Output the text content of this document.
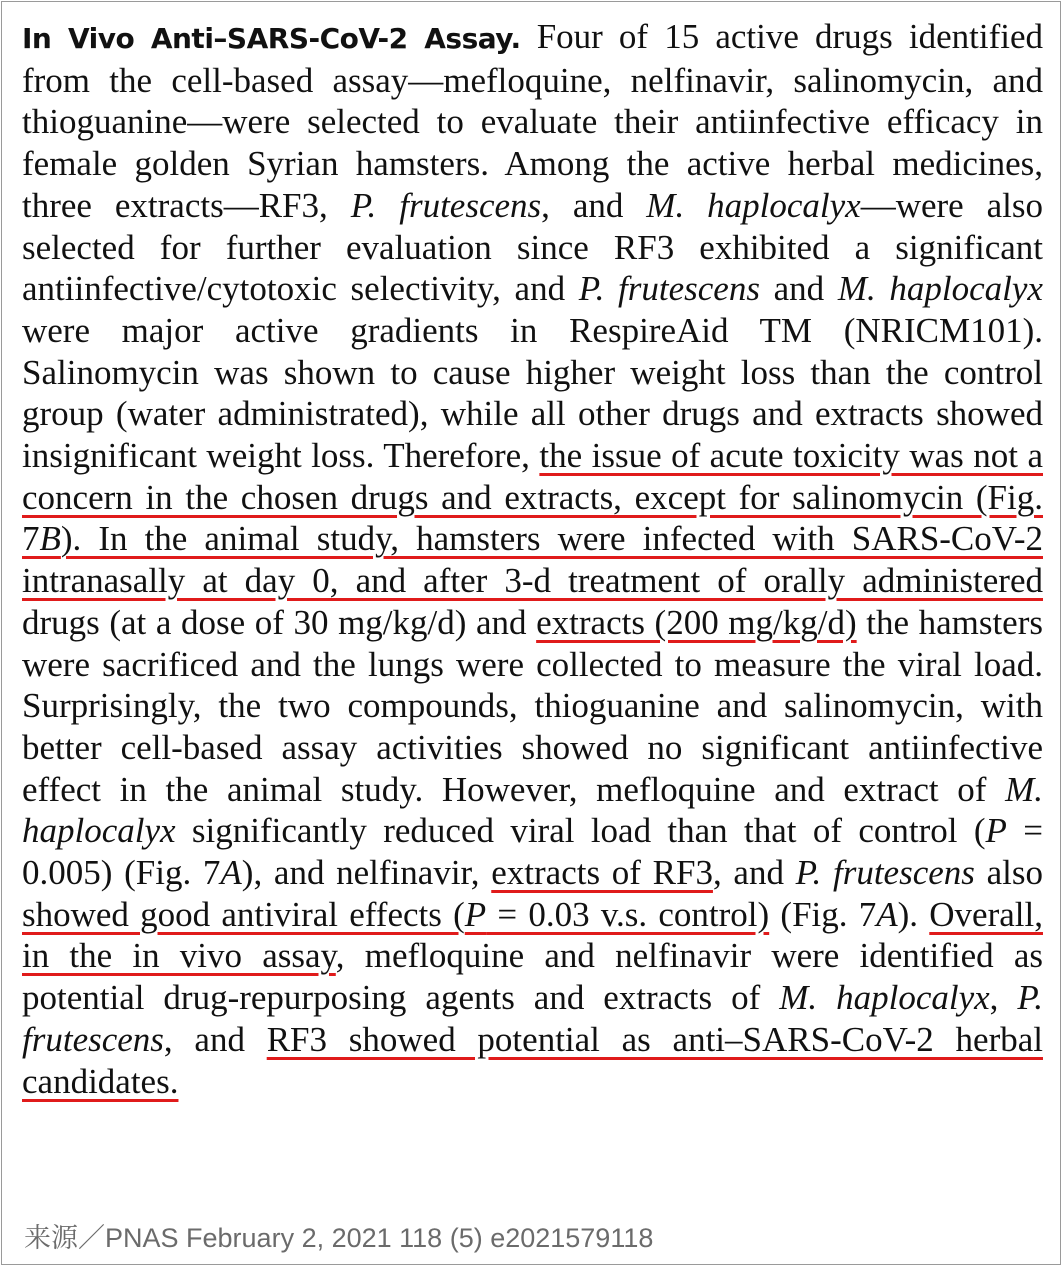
In Vivo Anti–SARS-CoV-2 Assay. Four of 15 active drugs identified from the cell-based assay—mefloquine, nelfinavir, salinomycin, and thioguanine—were selected to evaluate their antiinfective efficacy in female golden Syrian hamsters. Among the active herbal medicines, three extracts—RF3, P. frutescens, and M. haplocalyx—were also selected for further evaluation since RF3 exhibited a significant antiinfective/cytotoxic selectivity, and P. frutescens and M. haplocalyx were major active gradients in RespireAid TM (NRICM101). Salinomycin was shown to cause higher weight loss than the control group (water administrated), while all other drugs and extracts showed insignificant weight loss. Therefore, the issue of acute toxicity was not a concern in the chosen drugs and extracts, except for salinomycin (Fig. 7B). In the animal study, hamsters were infected with SARS-CoV-2 intranasally at day 0, and after 3-d treatment of orally administered drugs (at a dose of 30 mg/kg/d) and extracts (200 mg/kg/d) the hamsters were sacrificed and the lungs were collected to measure the viral load. Surprisingly, the two compounds, thioguanine and salinomycin, with better cell-based assay activities showed no significant antiinfective effect in the animal study. However, mefloquine and extract of M. haplocalyx significantly reduced viral load than that of control (P = 0.005) (Fig. 7A), and nelfinavir, extracts of RF3, and P. frutescens also showed good antiviral effects (P = 0.03 v.s. control) (Fig. 7A). Overall, in the in vivo assay, mefloquine and nelfinavir were identified as potential drug-repurposing agents and extracts of M. haplocalyx, P. frutescens, and RF3 showed potential as anti–SARS-CoV-2 herbal candidates.

来源／PNAS February 2, 2021 118 (5) e2021579118
